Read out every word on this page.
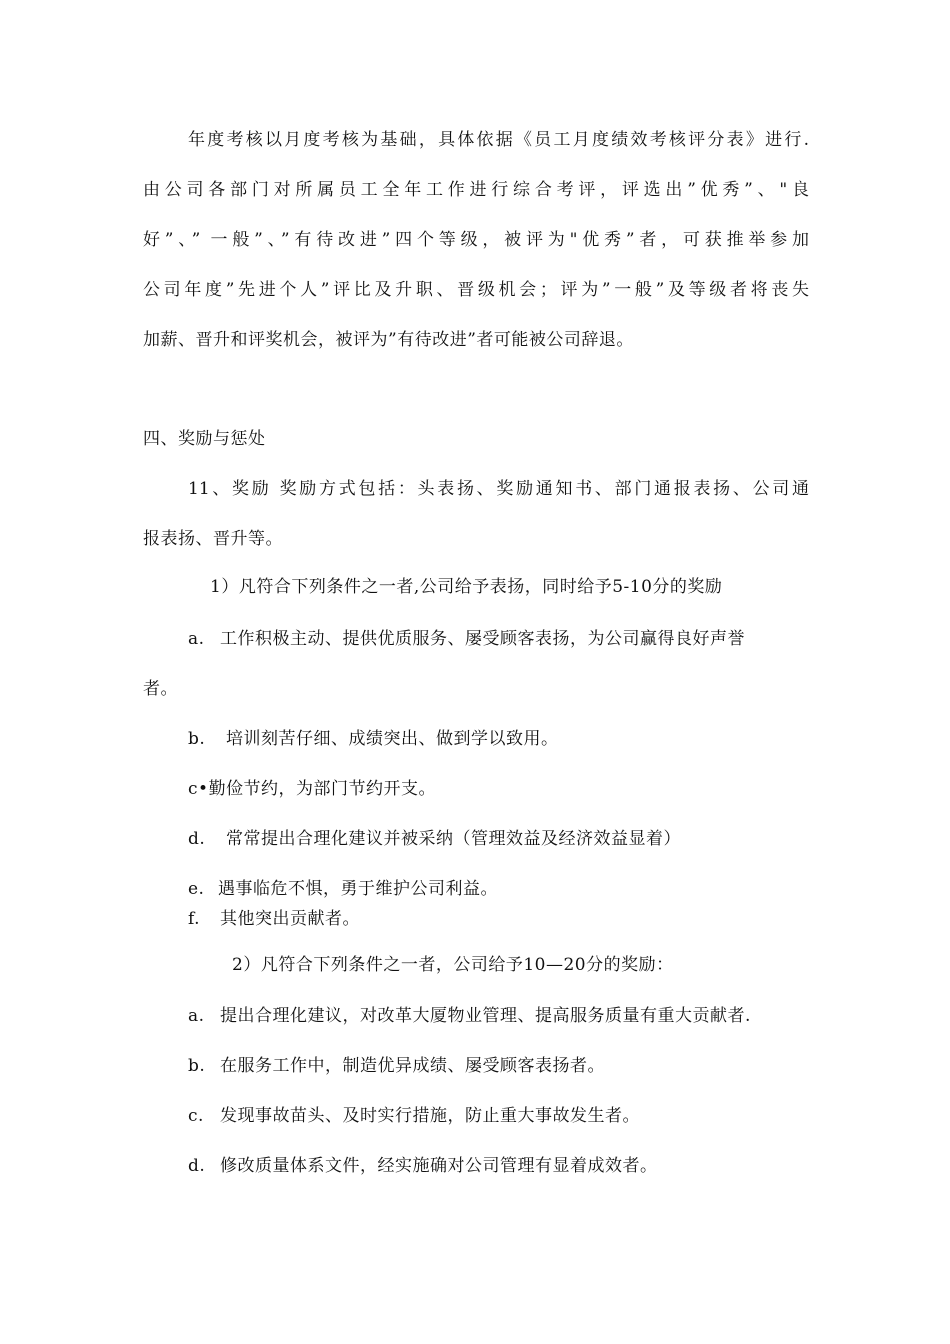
年度考核以月度考核为基础，具体依据《员工月度绩效考核评分表》进行.
由公司各部门对所属员工全年工作进行综合考评，评选出”优秀”、"良
好”、” 一般”、”有待改进”四个等级，被评为"优秀”者，可获推举参加
公司年度”先进个人”评比及升职、晋级机会；评为”一般”及等级者将丧失
加薪、晋升和评奖机会，被评为”有待改进”者可能被公司辞退。
四、奖励与惩处
11、奖励 奖励方式包括：头表扬、奖励通知书、部门通报表扬、公司通
报表扬、晋升等。
1）凡符合下列条件之一者,公司给予表扬，同时给予5-10分的奖励
a. 工作积极主动、提供优质服务、屡受顾客表扬，为公司赢得良好声誉
者。
b. 培训刻苦仔细、成绩突出、做到学以致用。
c•勤俭节约，为部门节约开支。
d. 常常提出合理化建议并被采纳（管理效益及经济效益显着）
e. 遇事临危不惧，勇于维护公司利益。
f. 其他突出贡献者。
2）凡符合下列条件之一者，公司给予10—20分的奖励：
a. 提出合理化建议，对改革大厦物业管理、提高服务质量有重大贡献者.
b. 在服务工作中，制造优异成绩、屡受顾客表扬者。
c. 发现事故苗头、及时实行措施，防止重大事故发生者。
d. 修改质量体系文件，经实施确对公司管理有显着成效者。
